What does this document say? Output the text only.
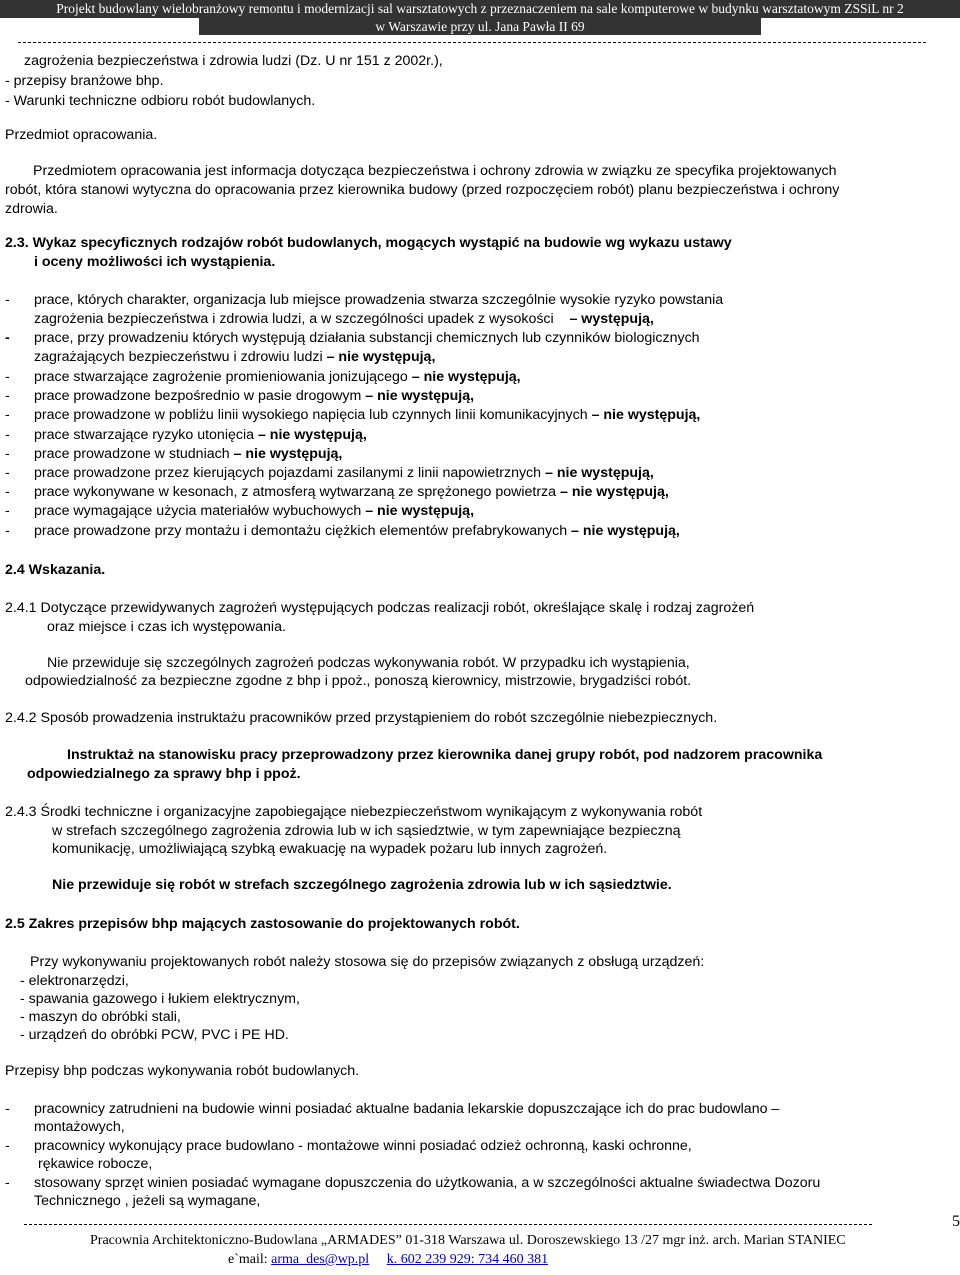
Projekt budowlany wielobranżowy remontu i modernizacji sal warsztatowych z przeznaczeniem na sale komputerowe w budynku warsztatowym ZSSiL nr 2
w Warszawie przy ul. Jana Pawła II 69
zagrożenia bezpieczeństwa i zdrowia ludzi (Dz. U nr 151 z 2002r.),
- przepisy branżowe bhp.
- Warunki techniczne odbioru robót budowlanych.
Przedmiot opracowania.
Przedmiotem opracowania jest informacja dotycząca bezpieczeństwa i ochrony zdrowia w związku ze specyfika projektowanych
robót, która stanowi wytyczna do opracowania przez kierownika budowy (przed rozpoczęciem robót) planu bezpieczeństwa i ochrony
zdrowia.
2.3. Wykaz specyficznych rodzajów robót budowlanych, mogących wystąpić na budowie wg wykazu ustawy
i oceny możliwości ich wystąpienia.
- prace, których charakter, organizacja lub miejsce prowadzenia stwarza szczególnie wysokie ryzyko powstania
zagrożenia bezpieczeństwa i zdrowia ludzi, a w szczególności upadek z wysokości – występują,
- prace, przy prowadzeniu których występują działania substancji chemicznych lub czynników biologicznych
zagrażających bezpieczeństwu i zdrowiu ludzi – nie występują,
- prace stwarzające zagrożenie promieniowania jonizującego – nie występują,
- prace prowadzone bezpośrednio w pasie drogowym – nie występują,
- prace prowadzone w pobliżu linii wysokiego napięcia lub czynnych linii komunikacyjnych – nie występują,
- prace stwarzające ryzyko utonięcia – nie występują,
- prace prowadzone w studniach – nie występują,
- prace prowadzone przez kierujących pojazdami zasilanymi z linii napowietrznych – nie występują,
- prace wykonywane w kesonach, z atmosferą wytwarzaną ze sprężonego powietrza – nie występują,
- prace wymagające użycia materiałów wybuchowych – nie występują,
- prace prowadzone przy montażu i demontażu ciężkich elementów prefabrykowanych – nie występują,
2.4 Wskazania.
2.4.1 Dotyczące przewidywanych zagrożeń występujących podczas realizacji robót, określające skalę i rodzaj zagrożeń
oraz miejsce i czas ich występowania.
Nie przewiduje się szczególnych zagrożeń podczas wykonywania robót. W przypadku ich wystąpienia,
odpowiedzialność za bezpieczne zgodne z bhp i ppoż., ponoszą kierownicy, mistrzowie, brygadziści robót.
2.4.2 Sposób prowadzenia instruktażu pracowników przed przystąpieniem do robót szczególnie niebezpiecznych.
Instruktaż na stanowisku pracy przeprowadzony przez kierownika danej grupy robót, pod nadzorem pracownika
odpowiedzialnego za sprawy bhp i ppoż.
2.4.3 Środki techniczne i organizacyjne zapobiegające niebezpieczeństwom wynikającym z wykonywania robót
w strefach szczególnego zagrożenia zdrowia lub w ich sąsiedztwie, w tym zapewniające bezpieczną
komunikację, umożliwiającą szybką ewakuację na wypadek pożaru lub innych zagrożeń.
Nie przewiduje się robót w strefach szczególnego zagrożenia zdrowia lub w ich sąsiedztwie.
2.5 Zakres przepisów bhp mających zastosowanie do projektowanych robót.
Przy wykonywaniu projektowanych robót należy stosowa się do przepisów związanych z obsługą urządzeń:
- elektronarzędzi,
- spawania gazowego i łukiem elektrycznym,
- maszyn do obróbki stali,
- urządzeń do obróbki PCW, PVC i PE HD.
Przepisy bhp podczas wykonywania robót budowlanych.
- pracownicy zatrudnieni na budowie winni posiadać aktualne badania lekarskie dopuszczające ich do prac budowlano –
montażowych,
- pracownicy wykonujący prace budowlano - montażowe winni posiadać odzież ochronną, kaski ochronne,
rękawice robocze,
- stosowany sprzęt winien posiadać wymagane dopuszczenia do użytkowania, a w szczególności aktualne świadectwa Dozoru
Technicznego , jeżeli są wymagane,
5
Pracownia Architektoniczno-Budowlana „ARMADES” 01-318 Warszawa ul. Doroszewskiego 13 /27 mgr inż. arch. Marian STANIEC
e`mail: arma_des@wp.pl k. 602 239 929: 734 460 381
